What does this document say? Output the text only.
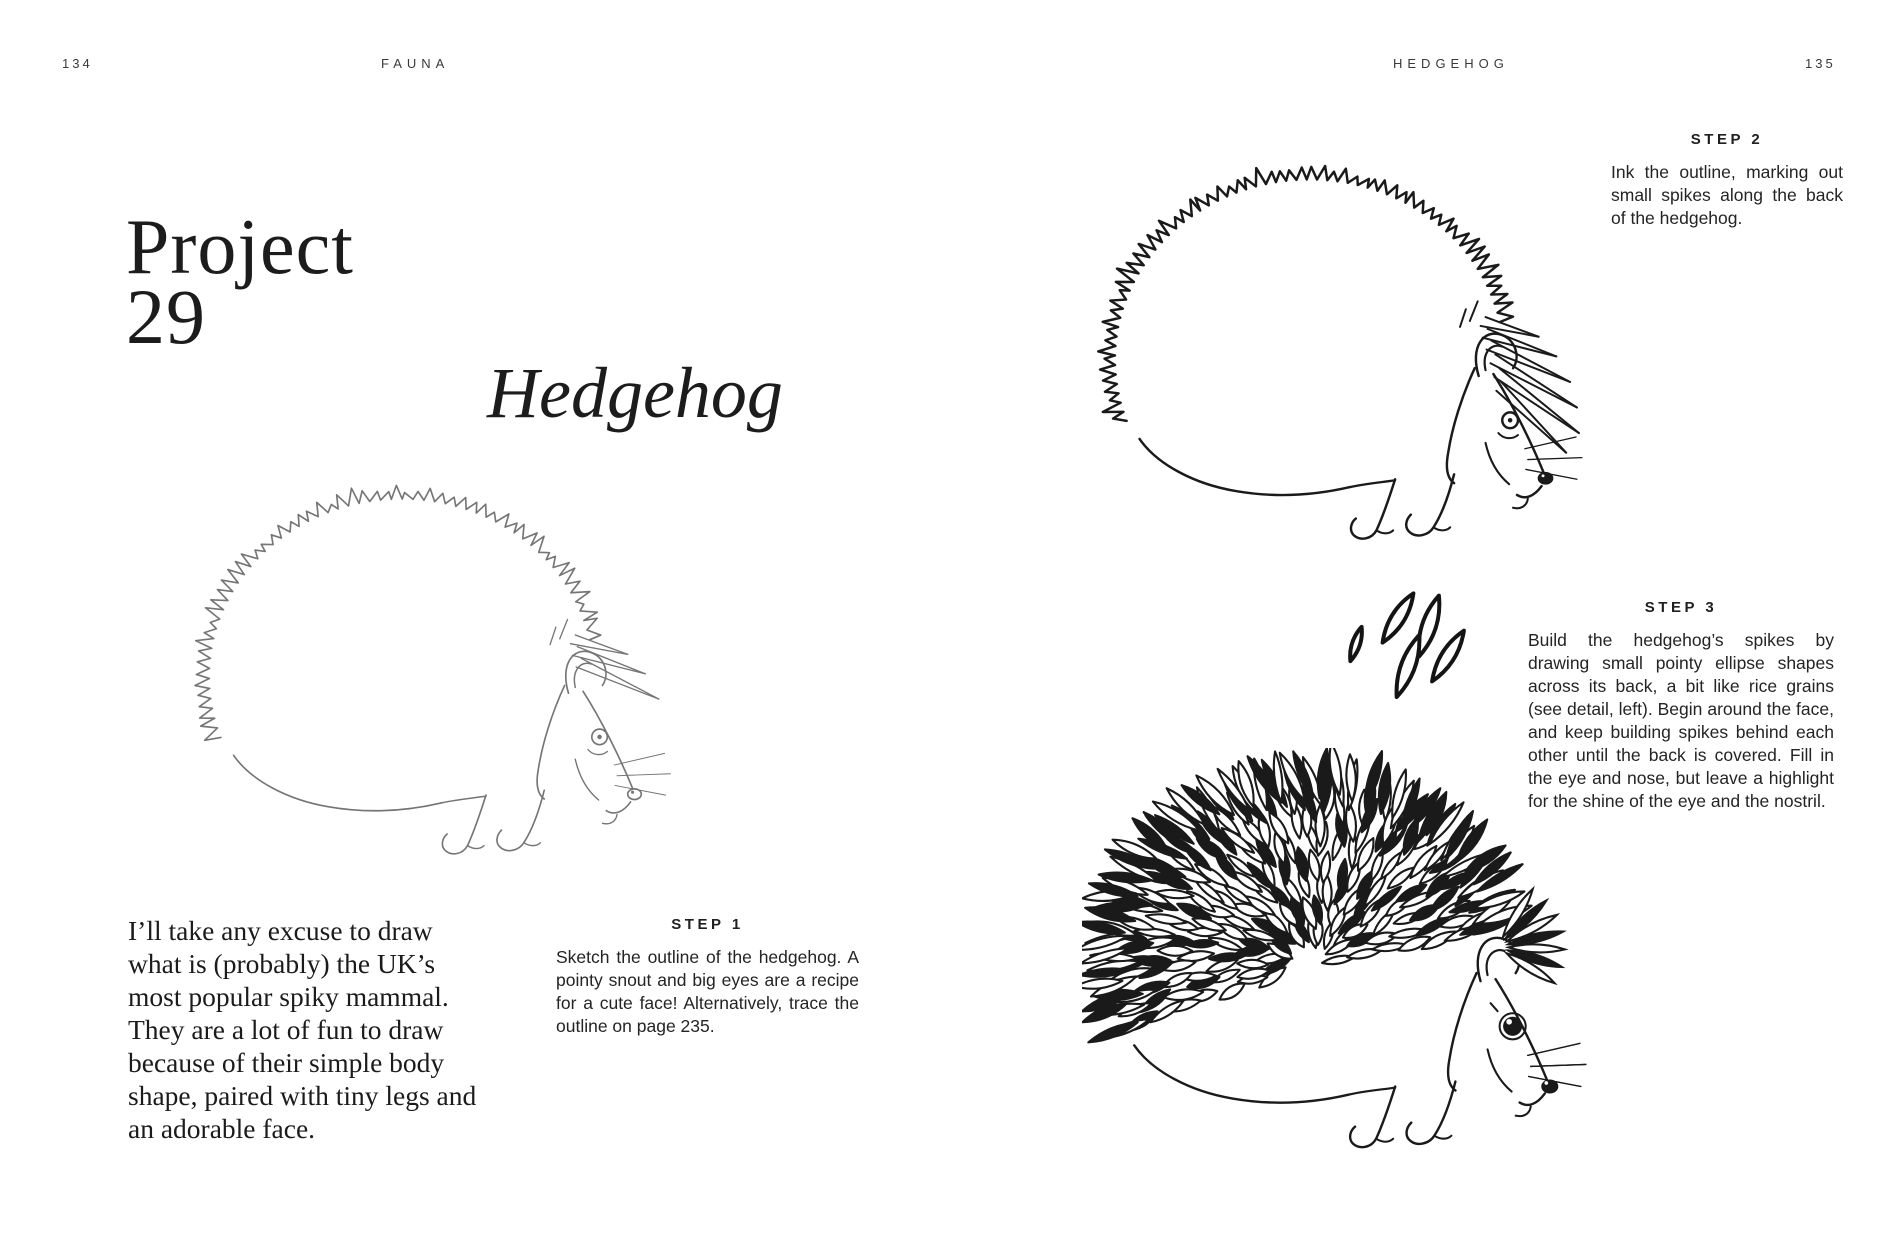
134	FAUNA
Project
29
Hedgehog
I’ll take any excuse to draw what is (probably) the UK’s most popular spiky mammal. They are a lot of fun to draw because of their simple body shape, paired with tiny legs and an adorable face.
STEP 1
Sketch the outline of the hedgehog. A pointy snout and big eyes are a recipe for a cute face! Alternatively, trace the outline on page 235.
HEDGEHOG	135
STEP 2
Ink the outline, marking out small spikes along the back of the hedgehog.
STEP 3
Build the hedgehog’s spikes by drawing small pointy ellipse shapes across its back, a bit like rice grains (see detail, left). Begin around the face, and keep building spikes behind each other until the back is covered. Fill in the eye and nose, but leave a highlight for the shine of the eye and the nostril.
